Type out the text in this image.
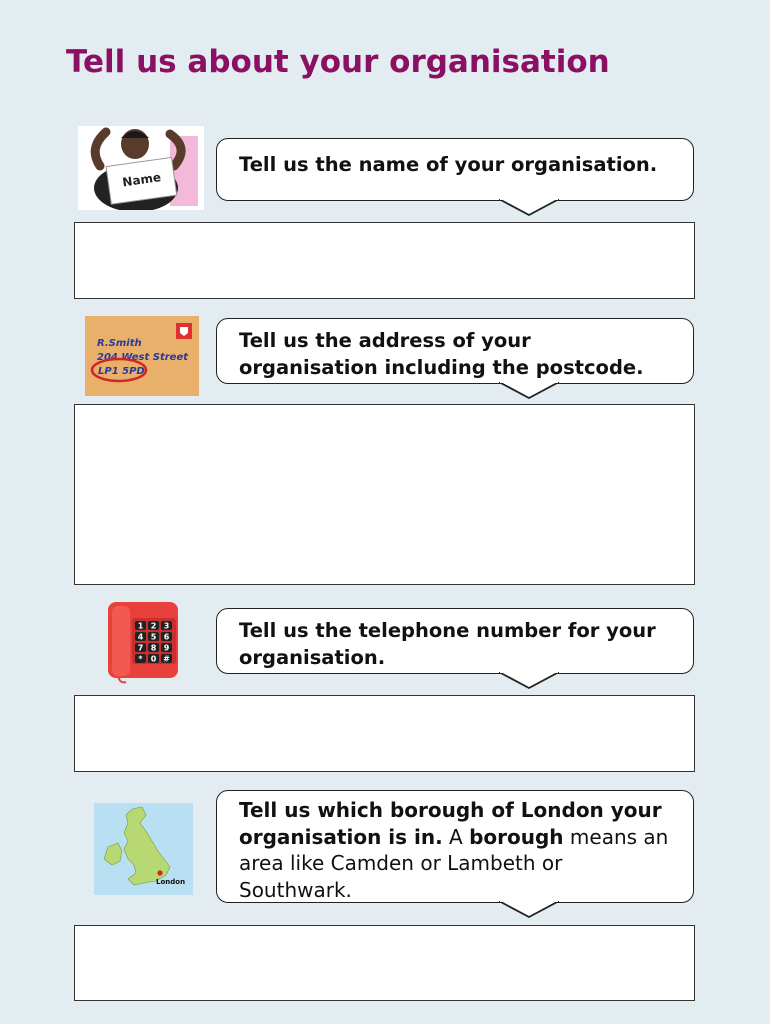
Tell us about your organisation
Name
Tell us the name of your organisation.
R.Smith
204 West Street
LP1 5PD
Tell us the address of your organisation including the postcode.
1 2 3
4 5 6
7 8 9
* 0 #
Tell us the telephone number for your organisation.
London
Tell us which borough of London your organisation is in. A borough means an area like Camden or Lambeth or Southwark.
